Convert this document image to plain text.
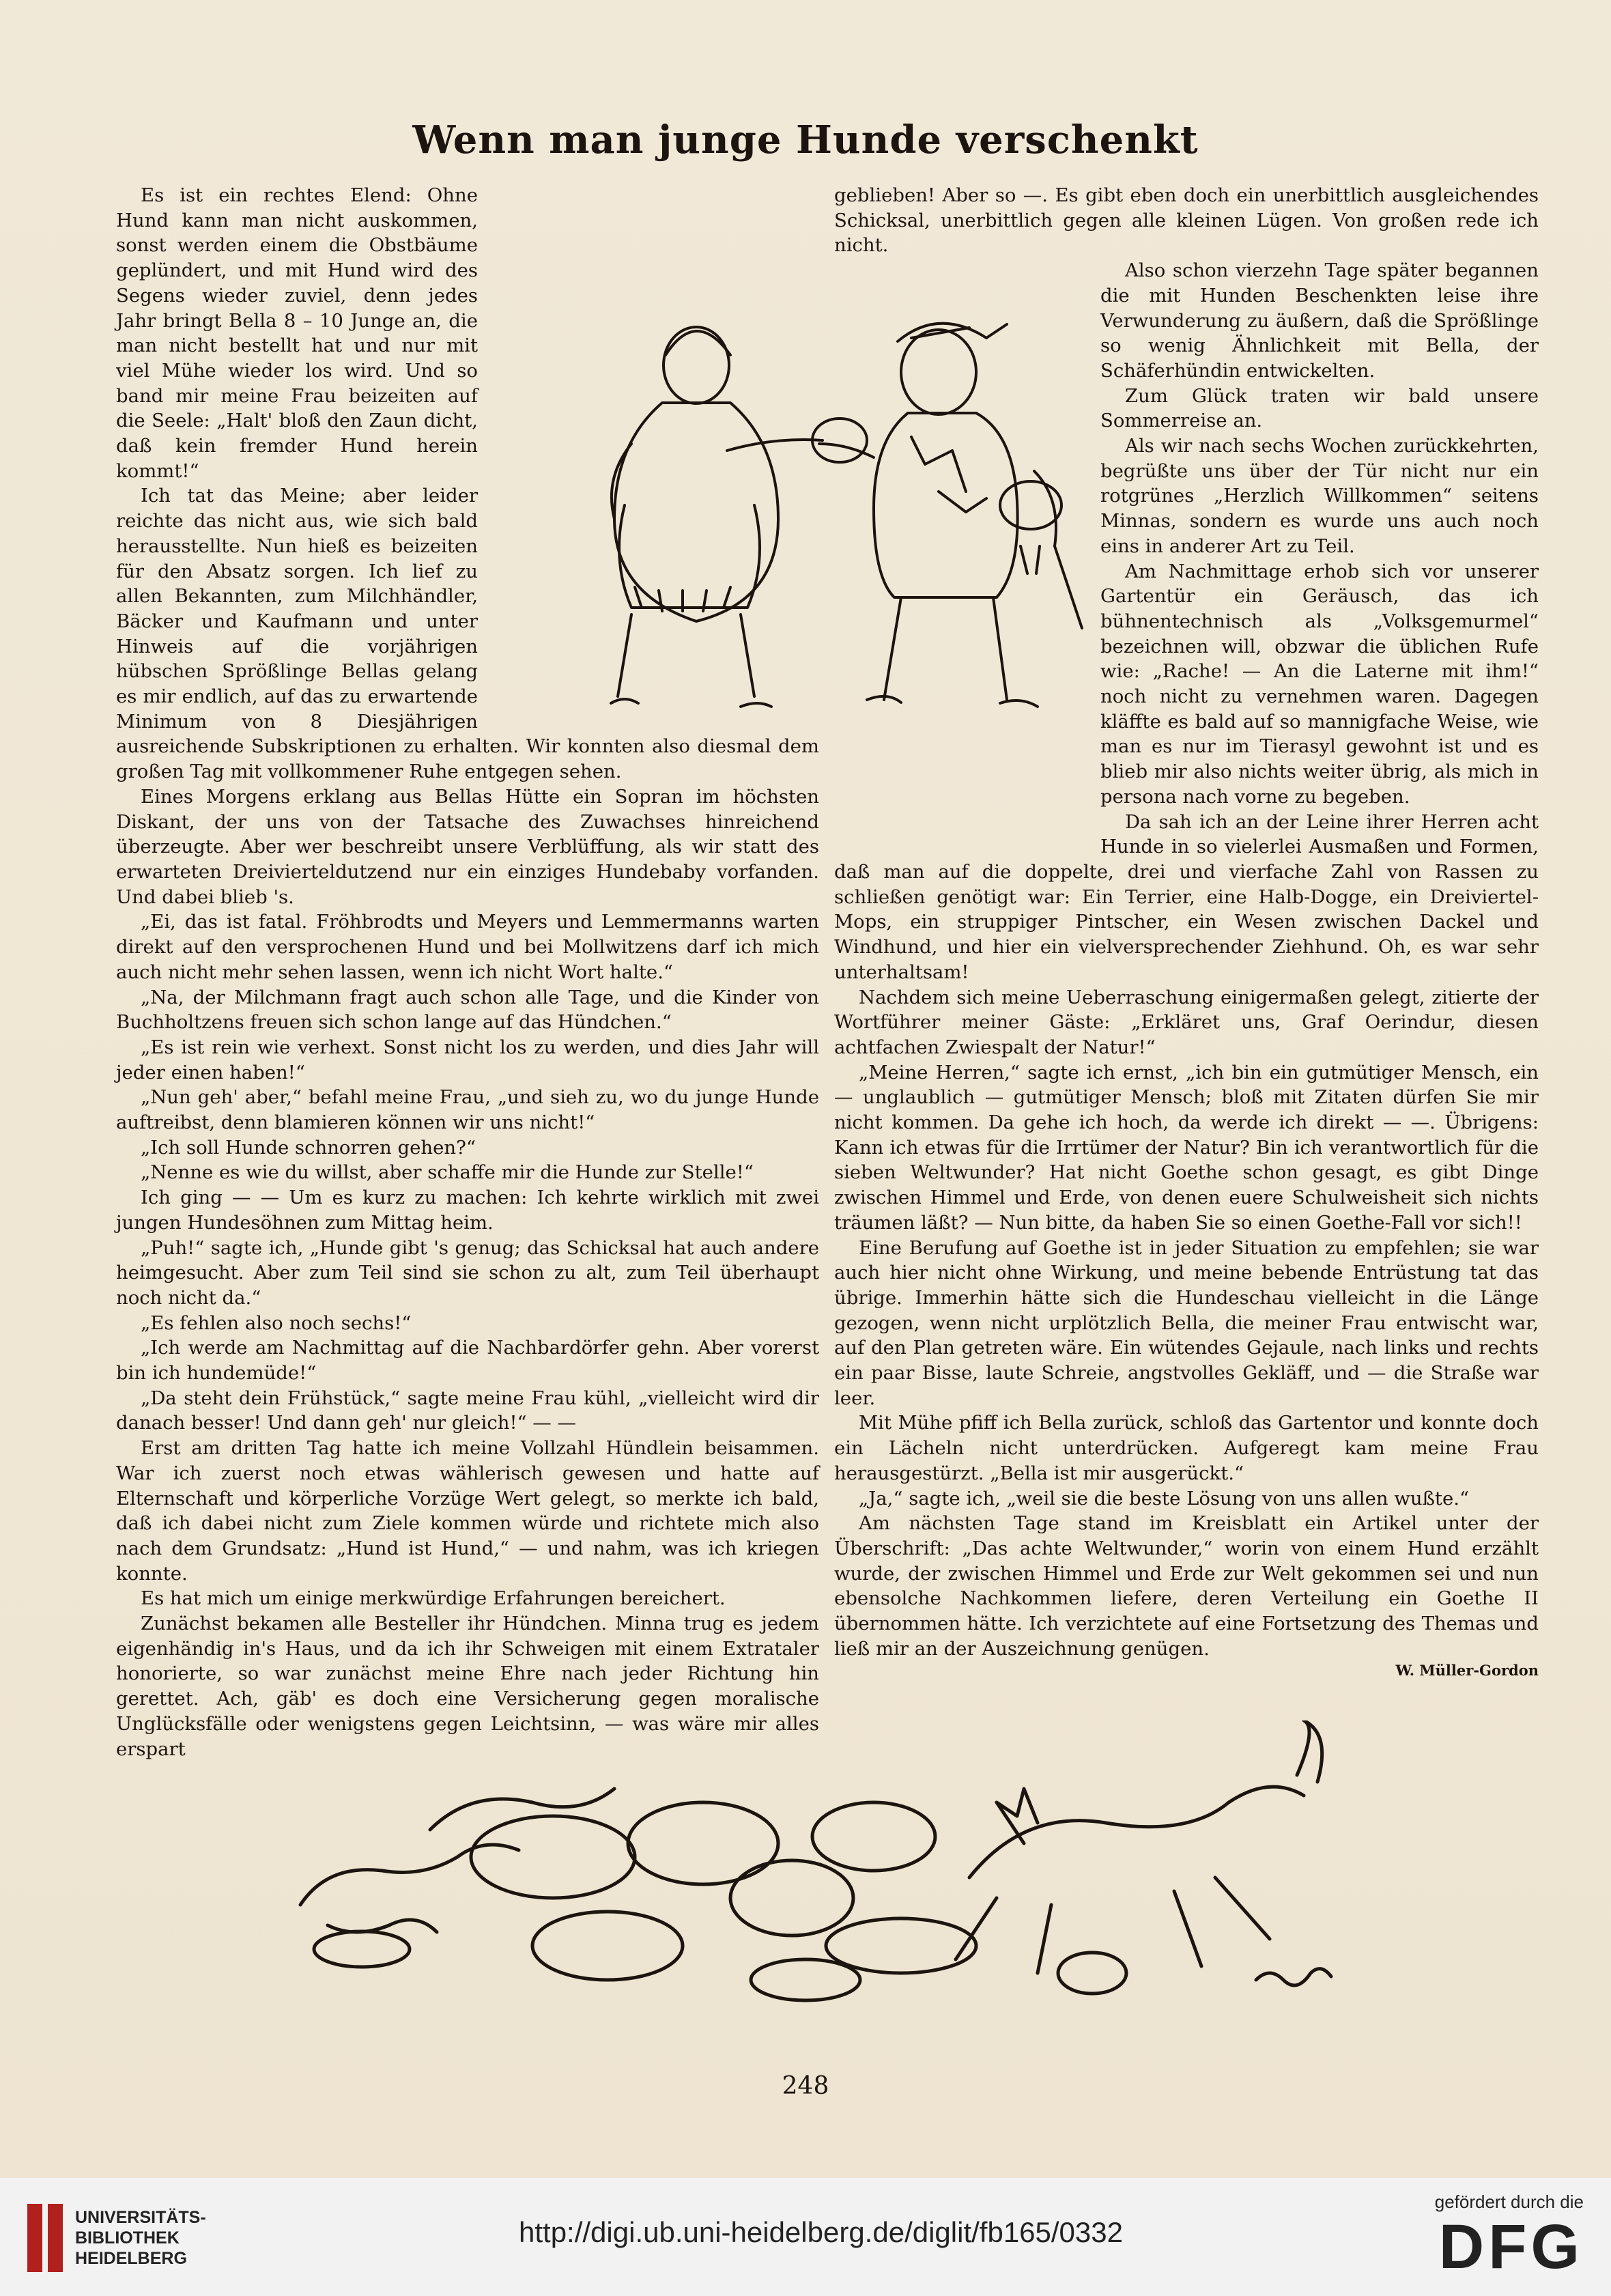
Wenn man junge Hunde verschenkt

Es ist ein rechtes Elend: Ohne Hund kann man nicht auskommen, sonst werden einem die Obstbäume geplündert, und mit Hund wird des Segens wieder zuviel, denn jedes Jahr bringt Bella 8 – 10 Junge an, die man nicht bestellt hat und nur mit viel Mühe wieder los wird. Und so band mir meine Frau beizeiten auf die Seele: „Halt' bloß den Zaun dicht, daß kein fremder Hund herein kommt!“

Ich tat das Meine; aber leider reichte das nicht aus, wie sich bald herausstellte. Nun hieß es beizeiten für den Absatz sorgen. Ich lief zu allen Bekannten, zum Milchhändler, Bäcker und Kaufmann und unter Hinweis auf die vorjährigen hübschen Sprößlinge Bellas gelang es mir endlich, auf das zu erwartende Minimum von 8 Diesjährigen ausreichende Subskriptionen zu erhalten. Wir konnten also diesmal dem großen Tag mit vollkommener Ruhe entgegen sehen.

Eines Morgens erklang aus Bellas Hütte ein Sopran im höchsten Diskant, der uns von der Tatsache des Zuwachses hinreichend überzeugte. Aber wer beschreibt unsere Verblüffung, als wir statt des erwarteten Dreivierteldutzend nur ein einziges Hundebaby vorfanden. Und dabei blieb 's.

„Ei, das ist fatal. Fröhbrodts und Meyers und Lemmermanns warten direkt auf den versprochenen Hund und bei Mollwitzens darf ich mich auch nicht mehr sehen lassen, wenn ich nicht Wort halte.“

„Na, der Milchmann fragt auch schon alle Tage, und die Kinder von Buchholtzens freuen sich schon lange auf das Hündchen.“

„Es ist rein wie verhext. Sonst nicht los zu werden, und dies Jahr will jeder einen haben!“

„Nun geh' aber,“ befahl meine Frau, „und sieh zu, wo du junge Hunde auftreibst, denn blamieren können wir uns nicht!“

„Ich soll Hunde schnorren gehen?“

„Nenne es wie du willst, aber schaffe mir die Hunde zur Stelle!“

Ich ging — — Um es kurz zu machen: Ich kehrte wirklich mit zwei jungen Hundesöhnen zum Mittag heim.

„Puh!“ sagte ich, „Hunde gibt 's genug; das Schicksal hat auch andere heimgesucht. Aber zum Teil sind sie schon zu alt, zum Teil überhaupt noch nicht da.“

„Es fehlen also noch sechs!“

„Ich werde am Nachmittag auf die Nachbardörfer gehn. Aber vorerst bin ich hundemüde!“

„Da steht dein Frühstück,“ sagte meine Frau kühl, „vielleicht wird dir danach besser! Und dann geh' nur gleich!“ — —

Erst am dritten Tag hatte ich meine Vollzahl Hündlein beisammen. War ich zuerst noch etwas wählerisch gewesen und hatte auf Elternschaft und körperliche Vorzüge Wert gelegt, so merkte ich bald, daß ich dabei nicht zum Ziele kommen würde und richtete mich also nach dem Grundsatz: „Hund ist Hund,“ — und nahm, was ich kriegen konnte.

Es hat mich um einige merkwürdige Erfahrungen bereichert.

Zunächst bekamen alle Besteller ihr Hündchen. Minna trug es jedem eigenhändig in's Haus, und da ich ihr Schweigen mit einem Extrataler honorierte, so war zunächst meine Ehre nach jeder Richtung hin gerettet. Ach, gäb' es doch eine Versicherung gegen moralische Unglücksfälle oder wenigstens gegen Leichtsinn, — was wäre mir alles erspart

geblieben! Aber so —. Es gibt eben doch ein unerbittlich ausgleichendes Schicksal, unerbittlich gegen alle kleinen Lügen. Von großen rede ich nicht.

Also schon vierzehn Tage später begannen die mit Hunden Beschenkten leise ihre Verwunderung zu äußern, daß die Sprößlinge so wenig Ähnlichkeit mit Bella, der Schäferhündin entwickelten.

Zum Glück traten wir bald unsere Sommerreise an.

Als wir nach sechs Wochen zurückkehrten, begrüßte uns über der Tür nicht nur ein rotgrünes „Herzlich Willkommen“ seitens Minnas, sondern es wurde uns auch noch eins in anderer Art zu Teil.

Am Nachmittage erhob sich vor unserer Gartentür ein Geräusch, das ich bühnentechnisch als „Volksgemurmel“ bezeichnen will, obzwar die üblichen Rufe wie: „Rache! — An die Laterne mit ihm!“ noch nicht zu vernehmen waren. Dagegen kläffte es bald auf so mannigfache Weise, wie man es nur im Tierasyl gewohnt ist und es blieb mir also nichts weiter übrig, als mich in persona nach vorne zu begeben.

Da sah ich an der Leine ihrer Herren acht Hunde in so vielerlei Ausmaßen und Formen, daß man auf die doppelte, drei und vierfache Zahl von Rassen zu schließen genötigt war: Ein Terrier, eine Halb-Dogge, ein Dreiviertel-Mops, ein struppiger Pintscher, ein Wesen zwischen Dackel und Windhund, und hier ein vielversprechender Ziehhund. Oh, es war sehr unterhaltsam!

Nachdem sich meine Ueberraschung einigermaßen gelegt, zitierte der Wortführer meiner Gäste: „Erkläret uns, Graf Oerindur, diesen achtfachen Zwiespalt der Natur!“

„Meine Herren,“ sagte ich ernst, „ich bin ein gutmütiger Mensch, ein — unglaublich — gutmütiger Mensch; bloß mit Zitaten dürfen Sie mir nicht kommen. Da gehe ich hoch, da werde ich direkt — —. Übrigens: Kann ich etwas für die Irrtümer der Natur? Bin ich verantwortlich für die sieben Weltwunder? Hat nicht Goethe schon gesagt, es gibt Dinge zwischen Himmel und Erde, von denen euere Schulweisheit sich nichts träumen läßt? — Nun bitte, da haben Sie so einen Goethe-Fall vor sich!!

Eine Berufung auf Goethe ist in jeder Situation zu empfehlen; sie war auch hier nicht ohne Wirkung, und meine bebende Entrüstung tat das übrige. Immerhin hätte sich die Hundeschau vielleicht in die Länge gezogen, wenn nicht urplötzlich Bella, die meiner Frau entwischt war, auf den Plan getreten wäre. Ein wütendes Gejaule, nach links und rechts ein paar Bisse, laute Schreie, angstvolles Gekläff, und — die Straße war leer.

Mit Mühe pfiff ich Bella zurück, schloß das Gartentor und konnte doch ein Lächeln nicht unterdrücken. Aufgeregt kam meine Frau herausgestürzt. „Bella ist mir ausgerückt.“

„Ja,“ sagte ich, „weil sie die beste Lösung von uns allen wußte.“

Am nächsten Tage stand im Kreisblatt ein Artikel unter der Überschrift: „Das achte Weltwunder,“ worin von einem Hund erzählt wurde, der zwischen Himmel und Erde zur Welt gekommen sei und nun ebensolche Nachkommen liefere, deren Verteilung ein Goethe II übernommen hätte. Ich verzichtete auf eine Fortsetzung des Themas und ließ mir an der Auszeichnung genügen.

W. Müller-Gordon
248
UNIVERSITÄTS-
BIBLIOTHEK
HEIDELBERG
http://digi.ub.uni-heidelberg.de/diglit/fb165/0332
gefördert durch die
DFG
